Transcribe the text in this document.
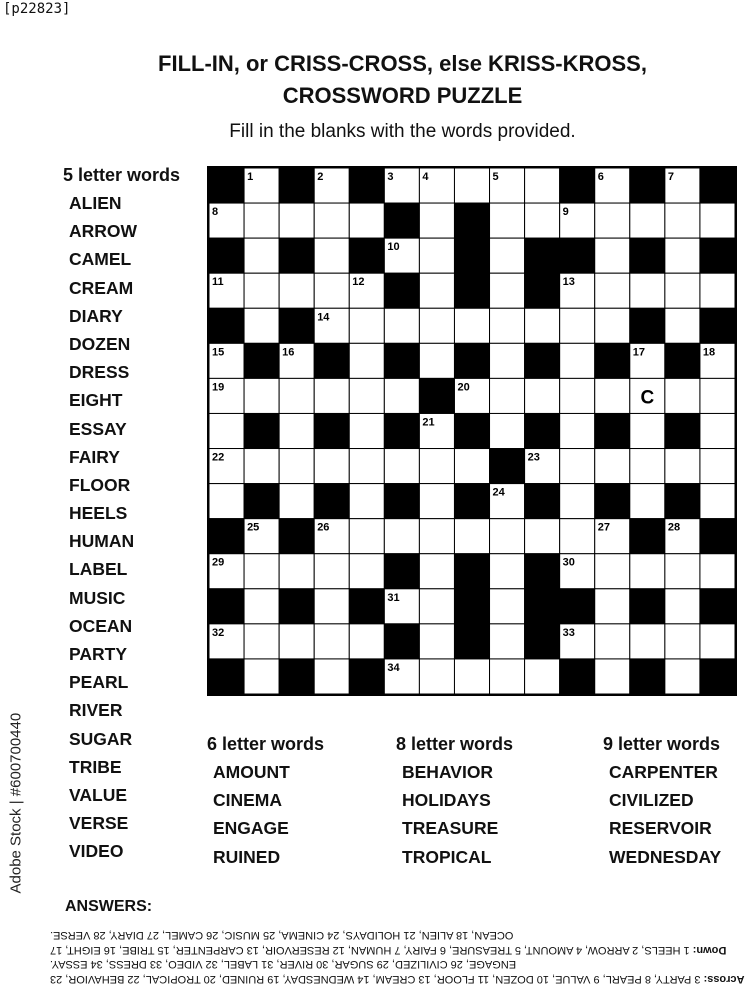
[p22823]
FILL-IN, or CRISS-CROSS, else KRISS-KROSS,
CROSSWORD PUZZLE
Fill in the blanks with the words provided.
5 letter words
ALIEN
ARROW
CAMEL
CREAM
DIARY
DOZEN
DRESS
EIGHT
ESSAY
FAIRY
FLOOR
HEELS
HUMAN
LABEL
MUSIC
OCEAN
PARTY
PEARL
RIVER
SUGAR
TRIBE
VALUE
VERSE
VIDEO
1	2	3	4	5	6	7
8	9
10
11	12	13
14
15	16	17	18
19	20
21
22	23
24
25	26	27	28
29	30
31
32	33
34
C
6 letter words
AMOUNT
CINEMA
ENGAGE
RUINED
8 letter words
BEHAVIOR
HOLIDAYS
TREASURE
TROPICAL
9 letter words
CARPENTER
CIVILIZED
RESERVOIR
WEDNESDAY
Adobe Stock | #600700440
ANSWERS:
Across: 3 PARTY, 8 PEARL, 9 VALUE, 10 DOZEN, 11 FLOOR, 13 CREAM, 14 WEDNESDAY, 19 RUINED, 20 TROPICAL, 22 BEHAVIOR, 23 ENGAGE, 26 CIVILIZED, 29 SUGAR, 30 RIVER, 31 LABEL, 32 VIDEO, 33 DRESS, 34 ESSAY.
Down: 1 HEELS, 2 ARROW, 4 AMOUNT, 5 TREASURE, 6 FAIRY, 7 HUMAN, 12 RESERVOIR, 13 CARPENTER, 15 TRIBE, 16 EIGHT, 17 OCEAN, 18 ALIEN, 21 HOLIDAYS, 24 CINEMA, 25 MUSIC, 26 CAMEL, 27 DIARY, 28 VERSE.
